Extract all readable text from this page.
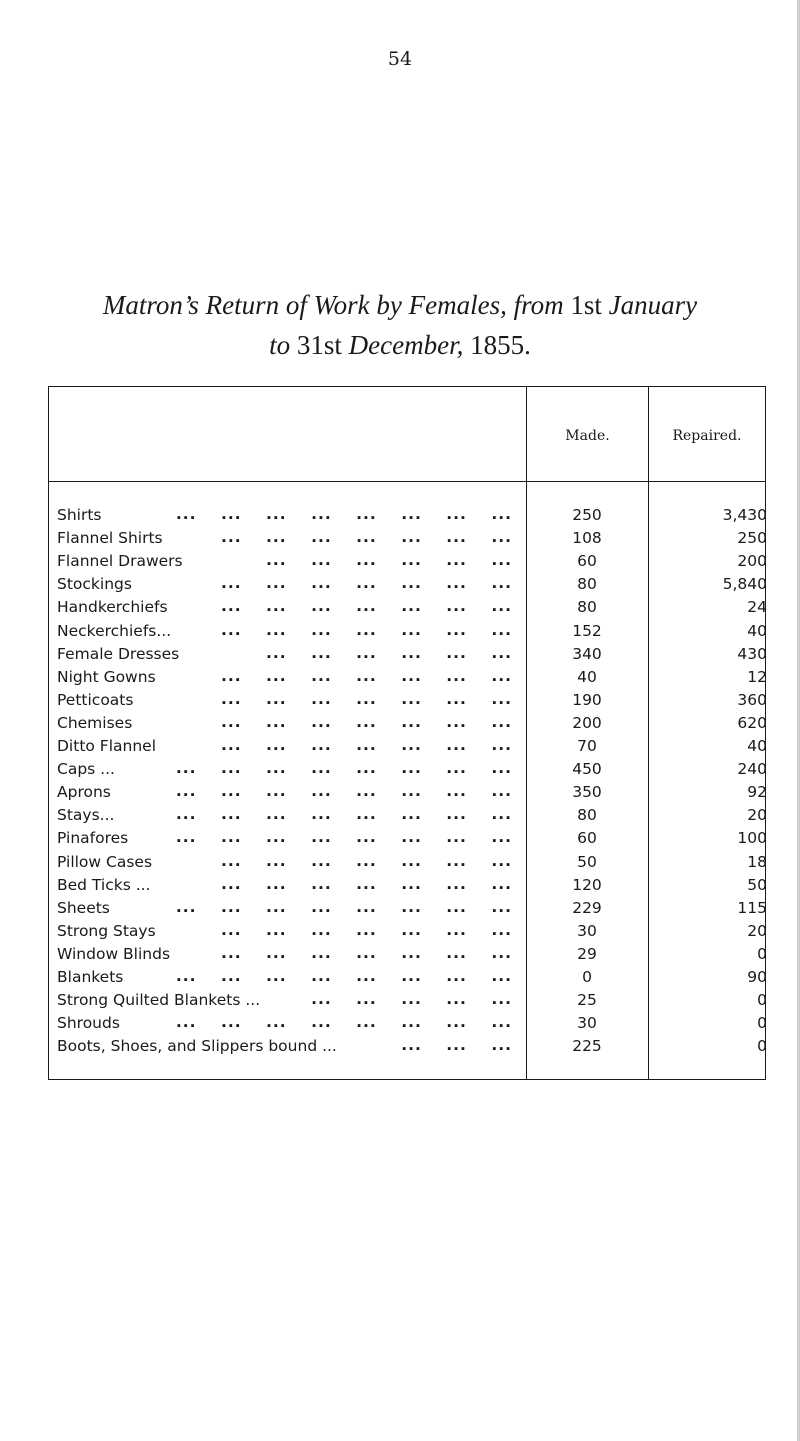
54
Matron’s Return of Work by Females, from 1st January
to 31st December, 1855.
Made.	Repaired.
Shirts	250	3,430
... ... ... ... ... ... ... ...
Flannel Shirts	108	250
... ... ... ... ... ... ...
Flannel Drawers	60	200
... ... ... ... ... ...
Stockings	80	5,840
... ... ... ... ... ... ...
Handkerchiefs	80	24
... ... ... ... ... ... ...
Neckerchiefs...	152	40
... ... ... ... ... ... ...
Female Dresses	340	430
... ... ... ... ... ...
Night Gowns	40	12
... ... ... ... ... ... ...
Petticoats	190	360
... ... ... ... ... ... ...
Chemises	200	620
... ... ... ... ... ... ...
Ditto Flannel	70	40
... ... ... ... ... ... ...
Caps ...	450	240
... ... ... ... ... ... ... ...
Aprons	350	92
... ... ... ... ... ... ... ...
Stays...	80	20
... ... ... ... ... ... ... ...
Pinafores	60	100
... ... ... ... ... ... ... ...
Pillow Cases	50	18
... ... ... ... ... ... ...
Bed Ticks ...	120	50
... ... ... ... ... ... ...
Sheets	229	115
... ... ... ... ... ... ... ...
Strong Stays	30	20
... ... ... ... ... ... ...
Window Blinds	29	0
... ... ... ... ... ... ...
Blankets	0	90
... ... ... ... ... ... ... ...
Strong Quilted Blankets ...	25	0
... ... ... ... ...
Shrouds	30	0
... ... ... ... ... ... ... ...
Boots, Shoes, and Slippers bound ...	225	0
... ... ...
